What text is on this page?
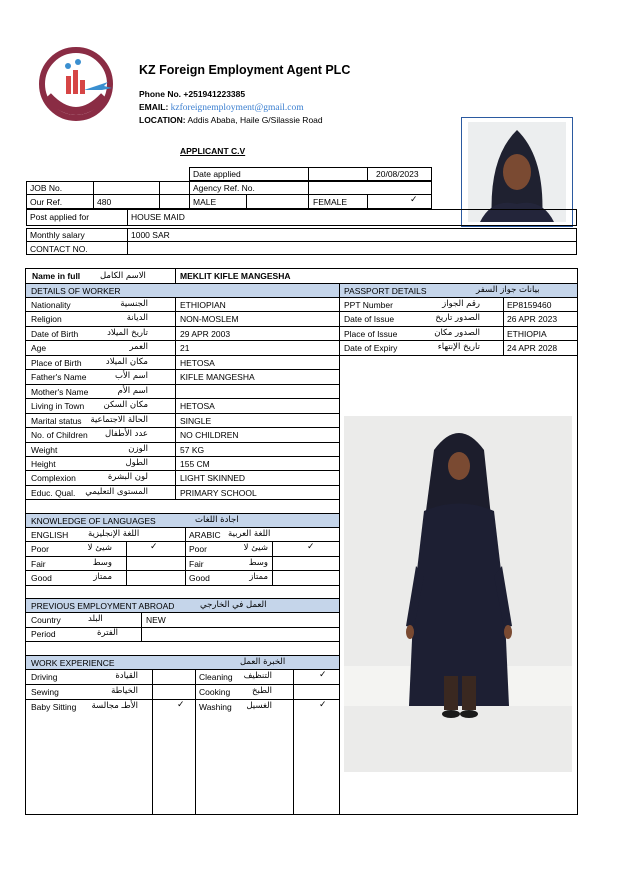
KZ Foreign Employment Agent PLC
Phone No. +251941223385
EMAIL: kzforeignemployment@gmail.com
LOCATION: Addis Ababa, Haile G/Silassie Road
APPLICANT C.V
Date applied	20/08/2023
JOB No.	Agency Ref. No.
Our Ref.	480	MALE	FEMALE	✓
Post applied for	HOUSE MAID
Monthly salary	1000 SAR
CONTACT NO.
Name in full الاسم الكامل	MEKLIT KIFLE MANGESHA
DETAILS OF WORKER	PASSPORT DETAILS	بيانات جواز السفر
Nationality	الجنسية	ETHIOPIAN
Religion	الديانة	NON-MOSLEM
Date of Birth	تاريخ الميلاد	29 APR 2003
Age	العمر	21
Place of Birth	مكان الميلاد	HETOSA
Father's Name	اسم الأب	KIFLE MANGESHA
Mother's Name	اسم الأم
Living in Town	مكان السكن	HETOSA
Marital status الحالة الاجتماعية	SINGLE
No. of Children	عدد الأطفال	NO CHILDREN
Weight	الوزن	57 KG
Height	الطول	155 CM
Complexion	لون البشرة	LIGHT SKINNED
Educ. Qual. المستوى التعليمي	PRIMARY SCHOOL
PPT Number	رقم الجواز	EP8159460
Date of Issue	الصدور تاريخ	26 APR 2023
Place of Issue	الصدور مكان	ETHIOPIA
Date of Expiry	تاريخ الإنتهاء	24 APR 2028
KNOWLEDGE OF LANGUAGES	اجادة اللغات
ENGLISH اللغة الإنجليزية	ARABIC اللغة العربية
Poor	شيئ لا	✓	Poor	شيئ لا	✓
Fair	وسط	Fair	وسط
Good	ممتاز	Good	ممتاز
PREVIOUS EMPLOYMENT ABROAD	العمل في الخارجي
Country	البلد	NEW
Period	الفترة
WORK EXPERIENCE	الخبرة العمل
Driving	القيادة	Cleaning	التنظيف	✓
Sewing	الخياطة	Cooking	الطبخ
Baby Sitting	الأطـ مجالسة	✓ Washing	الغسيل	✓
